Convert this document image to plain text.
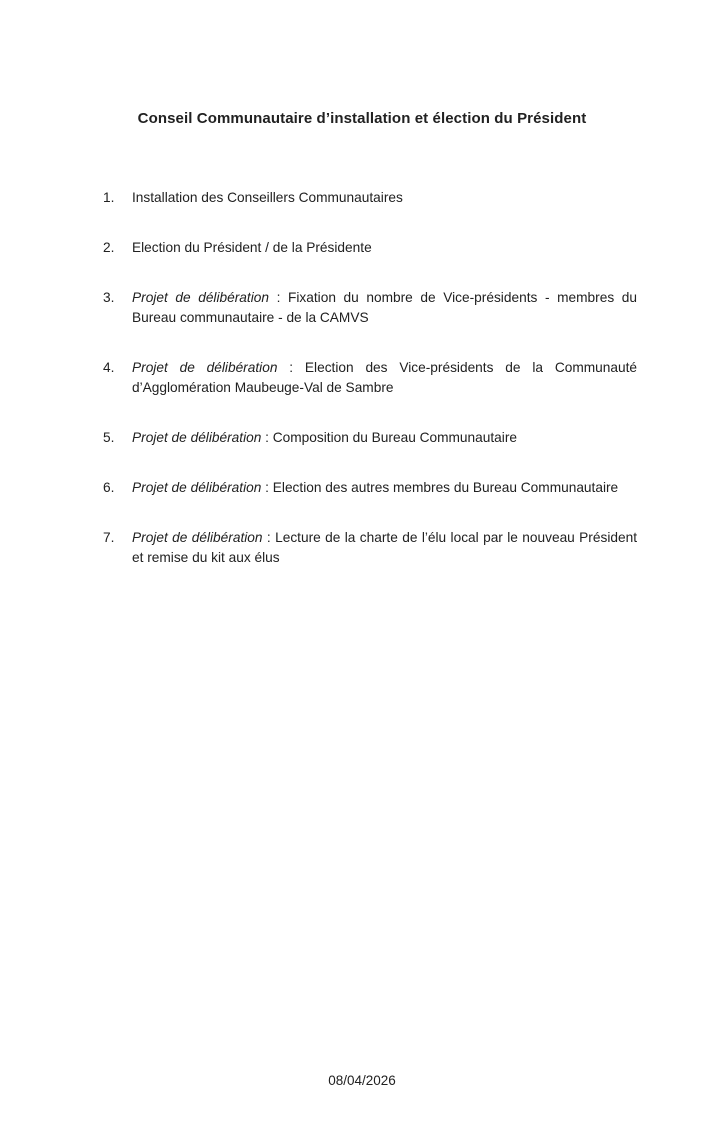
Conseil Communautaire d’installation et élection du Président
1.	Installation des Conseillers Communautaires
2.	Election du Président / de la Présidente
3.	Projet de délibération : Fixation du nombre de Vice-présidents - membres du Bureau communautaire - de la CAMVS
4.	Projet de délibération : Election des Vice-présidents de la Communauté d’Agglomération Maubeuge-Val de Sambre
5.	Projet de délibération : Composition du Bureau Communautaire
6.	Projet de délibération : Election des autres membres du Bureau Communautaire
7.	Projet de délibération : Lecture de la charte de l’élu local par le nouveau Président et remise du kit aux élus
08/04/2026
